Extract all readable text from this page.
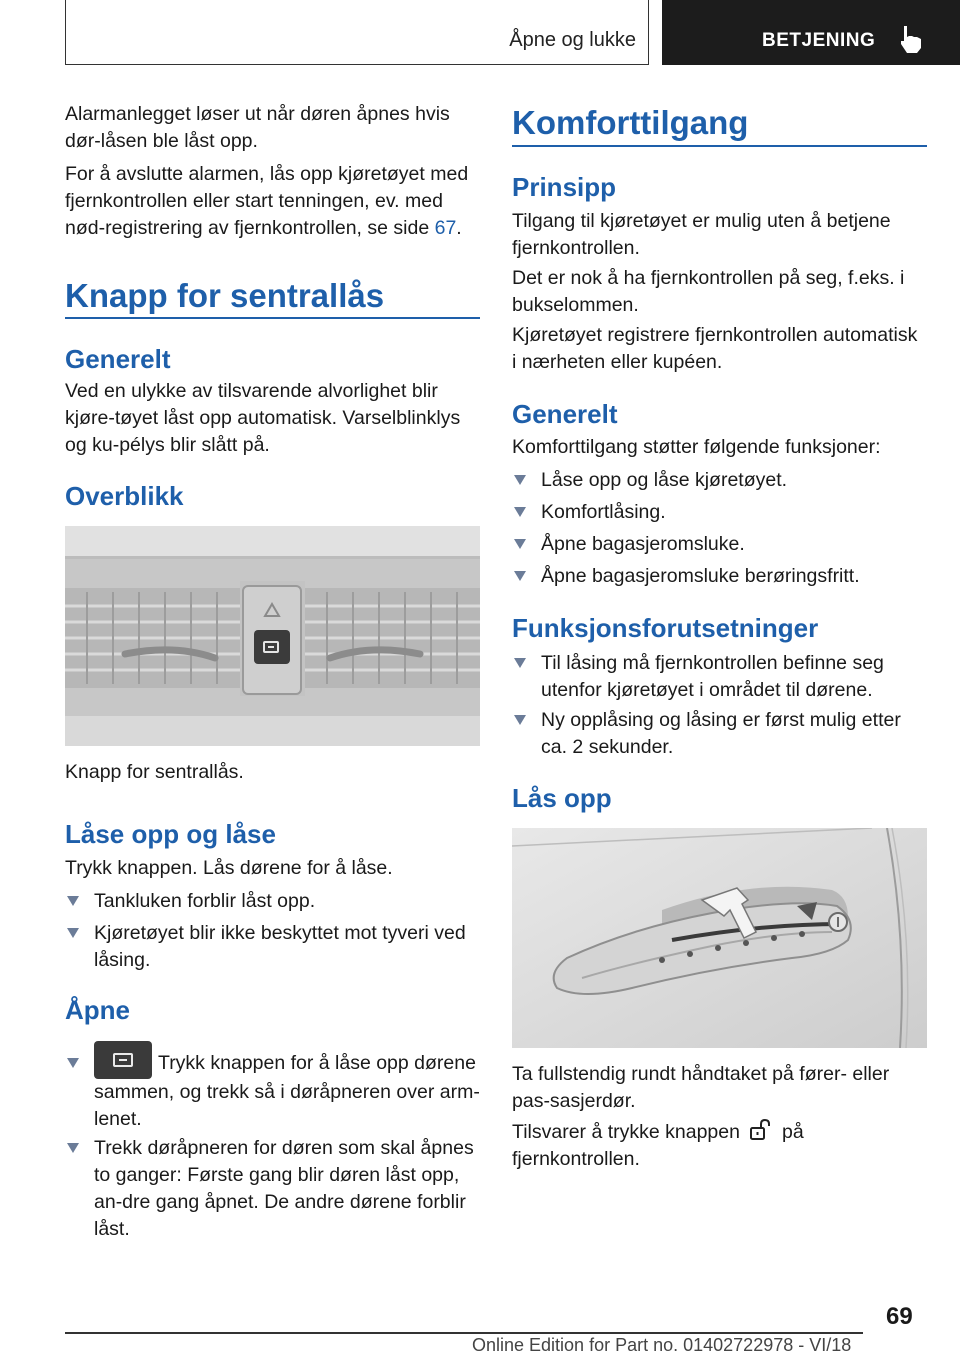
Åpne og lukke	BETJENING
Alarmanlegget løser ut når døren åpnes hvis dør-låsen ble låst opp.
For å avslutte alarmen, lås opp kjøretøyet med fjernkontrollen eller start tenningen, ev. med nød-registrering av fjernkontrollen, se side 67.
Knapp for sentrallås
Generelt
Ved en ulykke av tilsvarende alvorlighet blir kjøre-tøyet låst opp automatisk. Varselblinklys og ku-pélys blir slått på.
Overblikk
Knapp for sentrallås.
Låse opp og låse
Trykk knappen. Lås dørene for å låse.
Tankluken forblir låst opp.
Kjøretøyet blir ikke beskyttet mot tyveri ved låsing.
Åpne
Trykk knappen for å låse opp dørene sammen, og trekk så i døråpneren over arm-lenet.
Trekk døråpneren for døren som skal åpnes to ganger: Første gang blir døren låst opp, an-dre gang åpnet. De andre dørene forblir låst.
Komforttilgang
Prinsipp
Tilgang til kjøretøyet er mulig uten å betjene fjernkontrollen.
Det er nok å ha fjernkontrollen på seg, f.eks. i bukselommen.
Kjøretøyet registrere fjernkontrollen automatisk i nærheten eller kupéen.
Generelt
Komforttilgang støtter følgende funksjoner:
Låse opp og låse kjøretøyet.
Komfortlåsing.
Åpne bagasjeromsluke.
Åpne bagasjeromsluke berøringsfritt.
Funksjonsforutsetninger
Til låsing må fjernkontrollen befinne seg utenfor kjøretøyet i området til dørene.
Ny opplåsing og låsing er først mulig etter ca. 2 sekunder.
Lås opp
Ta fullstendig rundt håndtaket på fører- eller pas-sasjerdør.
Tilsvarer å trykke knappen på fjernkontrollen.
69
Online Edition for Part no. 01402722978 - VI/18
